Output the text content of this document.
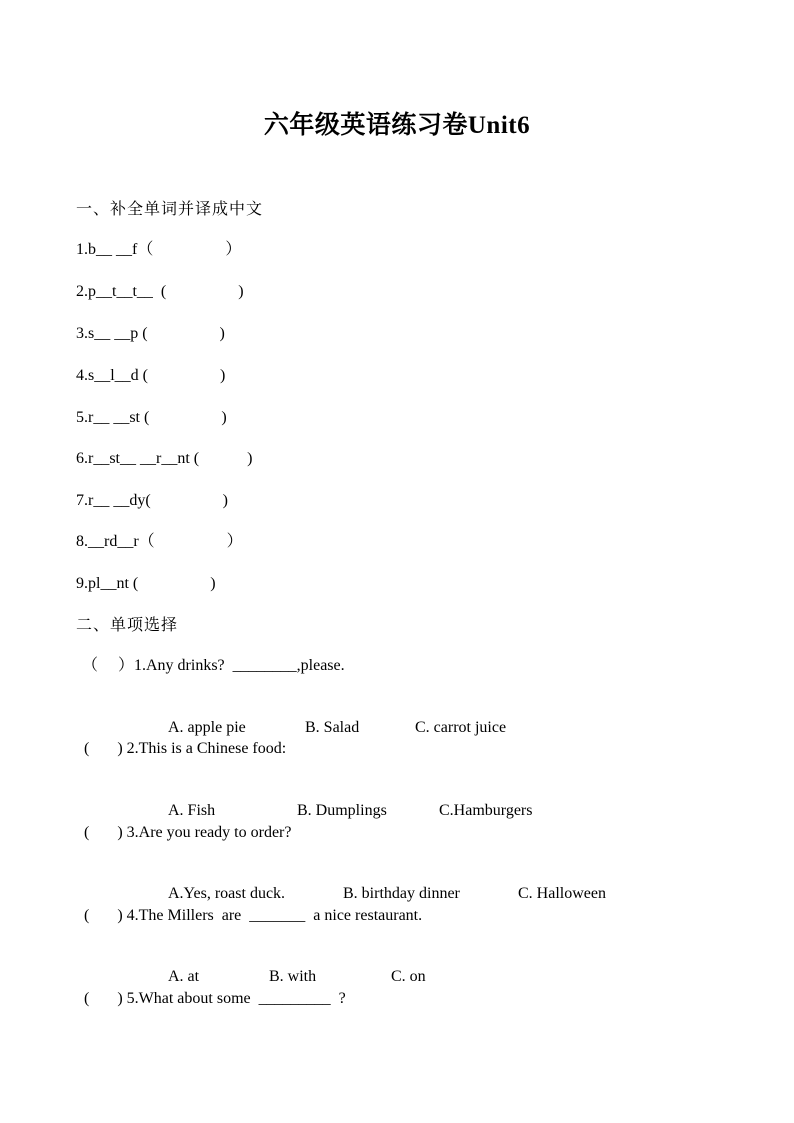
六年级英语练习卷Unit6
一、补全单词并译成中文
1.b__ __f（                  ）
2.p__t__t__  (                  )
3.s__ __p (                  )
4.s__l__d (                  )
5.r__ __st (                  )
6.r__st__ __r__nt (            )
7.r__ __dy(                  )
8.__rd__r（                  ）
9.pl__nt (                  )
二、单项选择
（     ）1.Any drinks?  ________,please.

A. apple pie	B. Salad	C. carrot juice

(       ) 2.This is a Chinese food:

A. Fish	B. Dumplings	C.Hamburgers

(       ) 3.Are you ready to order?

A.Yes, roast duck.	B. birthday dinner	C. Halloween

(       ) 4.The Millers  are  _______  a nice restaurant.

A. at	B. with	C. on

(       ) 5.What about some  _________  ?
